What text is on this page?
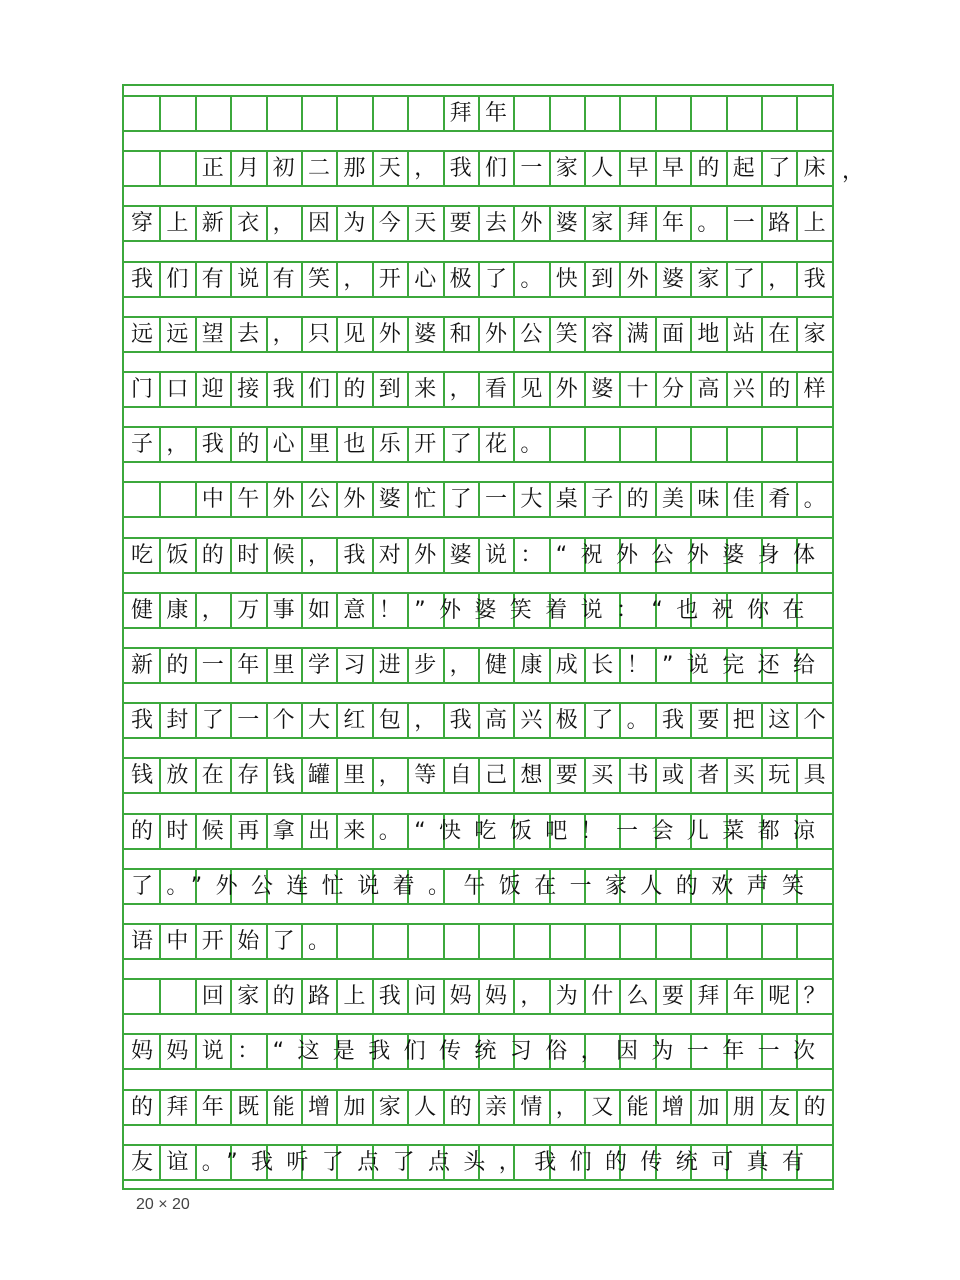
　　　　　　　　　拜年　　　　　　　　　
　　正月初二那天，我们一家人早早的起了床
穿上新衣，因为今天要去外婆家拜年。一路上
我们有说有笑，开心极了。快到外婆家了，我
远远望去，只见外婆和外公笑容满面地站在家
门口迎接我们的到来，看见外婆十分高兴的样
子，我的心里也乐开了花。　　　　　　　　
　　中午外公外婆忙了一大桌子的美味佳肴。
吃饭的时候，我对外婆说：“祝外公外婆身体
健康，万事如意！”外婆笑着说：“也祝你在
新的一年里学习进步，健康成长！”说完还给
我封了一个大红包，我高兴极了。我要把这个
钱放在存钱罐里，等自己想要买书或者买玩具
的时候再拿出来。“快吃饭吧！一会儿菜都凉
了。”外公连忙说着。午饭在一家人的欢声笑
语中开始了。　　　　　　　　　　　　　　
　　回家的路上我问妈妈，为什么要拜年呢？
妈妈说：“这是我们传统习俗，因为一年一次
的拜年既能增加家人的亲情，又能增加朋友的
友谊。”我听了点了点头，我们的传统可真有
，
20 × 20
